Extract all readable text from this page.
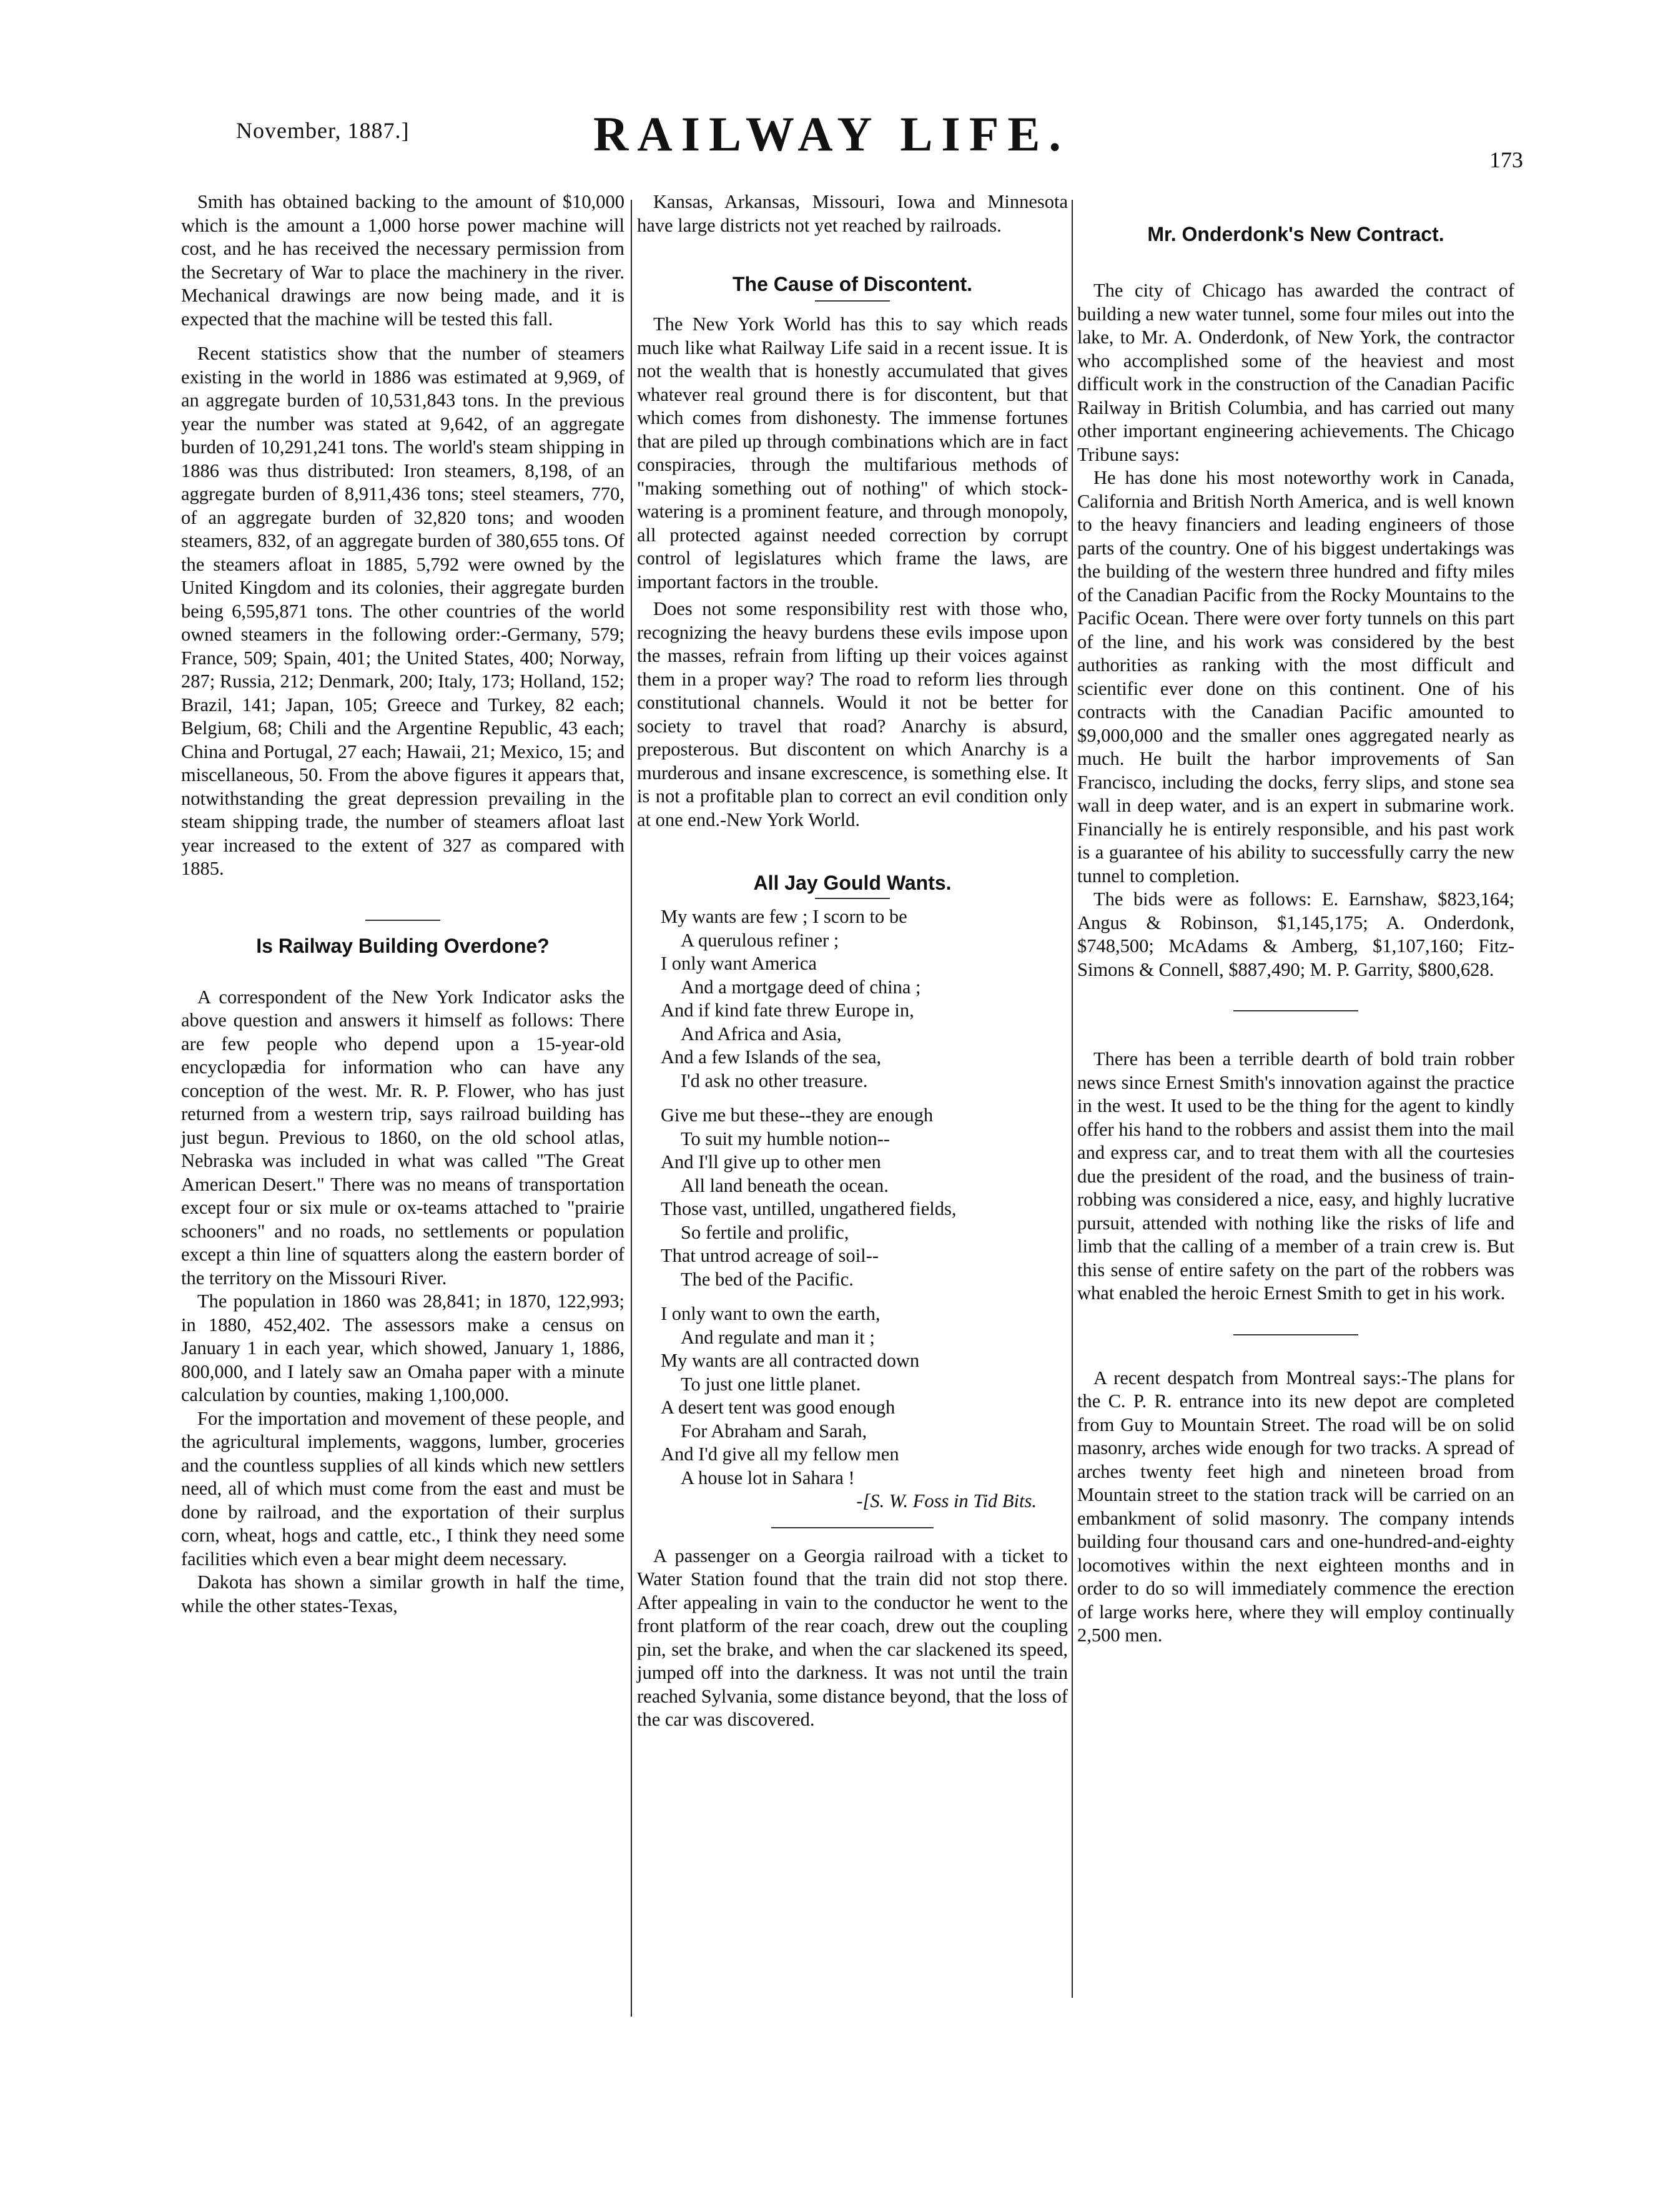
November, 1887.]	RAILWAY LIFE.	173

Smith has obtained backing to the amount of $10,000 which is the amount a 1,000 horse power machine will cost, and he has received the necessary permission from the Secretary of War to place the machinery in the river. Mechanical drawings are now being made, and it is expected that the machine will be tested this fall.

Recent statistics show that the number of steamers existing in the world in 1886 was estimated at 9,969, of an aggregate burden of 10,531,843 tons. In the previous year the number was stated at 9,642, of an aggregate burden of 10,291,241 tons. The world's steam shipping in 1886 was thus distributed: Iron steamers, 8,198, of an aggregate burden of 8,911,436 tons; steel steamers, 770, of an aggregate burden of 32,820 tons; and wooden steamers, 832, of an aggregate burden of 380,655 tons. Of the steamers afloat in 1885, 5,792 were owned by the United Kingdom and its colonies, their aggregate burden being 6,595,871 tons. The other countries of the world owned steamers in the following order:-Germany, 579; France, 509; Spain, 401; the United States, 400; Norway, 287; Russia, 212; Denmark, 200; Italy, 173; Holland, 152; Brazil, 141; Japan, 105; Greece and Turkey, 82 each; Belgium, 68; Chili and the Argentine Republic, 43 each; China and Portugal, 27 each; Hawaii, 21; Mexico, 15; and miscellaneous, 50. From the above figures it appears that, notwithstanding the great depression prevailing in the steam shipping trade, the number of steamers afloat last year increased to the extent of 327 as compared with 1885.

Is Railway Building Overdone?

A correspondent of the New York Indicator asks the above question and answers it himself as follows: There are few people who depend upon a 15-year-old encyclopædia for information who can have any conception of the west. Mr. R. P. Flower, who has just returned from a western trip, says railroad building has just begun. Previous to 1860, on the old school atlas, Nebraska was included in what was called "The Great American Desert." There was no means of transportation except four or six mule or ox-teams attached to "prairie schooners" and no roads, no settlements or population except a thin line of squatters along the eastern border of the territory on the Missouri River.

The population in 1860 was 28,841; in 1870, 122,993; in 1880, 452,402. The assessors make a census on January 1 in each year, which showed, January 1, 1886, 800,000, and I lately saw an Omaha paper with a minute calculation by counties, making 1,100,000.

For the importation and movement of these people, and the agricultural implements, waggons, lumber, groceries and the countless supplies of all kinds which new settlers need, all of which must come from the east and must be done by railroad, and the exportation of their surplus corn, wheat, hogs and cattle, etc., I think they need some facilities which even a bear might deem necessary.

Dakota has shown a similar growth in half the time, while the other states-Texas,

Kansas, Arkansas, Missouri, Iowa and Minnesota have large districts not yet reached by railroads.

The Cause of Discontent.

The New York World has this to say which reads much like what Railway Life said in a recent issue. It is not the wealth that is honestly accumulated that gives whatever real ground there is for discontent, but that which comes from dishonesty. The immense fortunes that are piled up through combinations which are in fact conspiracies, through the multifarious methods of "making something out of nothing" of which stock-watering is a prominent feature, and through monopoly, all protected against needed correction by corrupt control of legislatures which frame the laws, are important factors in the trouble.

Does not some responsibility rest with those who, recognizing the heavy burdens these evils impose upon the masses, refrain from lifting up their voices against them in a proper way? The road to reform lies through constitutional channels. Would it not be better for society to travel that road? Anarchy is absurd, preposterous. But discontent on which Anarchy is a murderous and insane excrescence, is something else. It is not a profitable plan to correct an evil condition only at one end.-New York World.

All Jay Gould Wants.
My wants are few ; I scorn to be
A querulous refiner ;
I only want America
And a mortgage deed of china ;
And if kind fate threw Europe in,
And Africa and Asia,
And a few Islands of the sea,
I'd ask no other treasure.
Give me but these--they are enough
To suit my humble notion--
And I'll give up to other men
All land beneath the ocean.
Those vast, untilled, ungathered fields,
So fertile and prolific,
That untrod acreage of soil--
The bed of the Pacific.
I only want to own the earth,
And regulate and man it ;
My wants are all contracted down
To just one little planet.
A desert tent was good enough
For Abraham and Sarah,
And I'd give all my fellow men
A house lot in Sahara !
-[S. W. Foss in Tid Bits.

A passenger on a Georgia railroad with a ticket to Water Station found that the train did not stop there. After appealing in vain to the conductor he went to the front platform of the rear coach, drew out the coupling pin, set the brake, and when the car slackened its speed, jumped off into the darkness. It was not until the train reached Sylvania, some distance beyond, that the loss of the car was discovered.

Mr. Onderdonk's New Contract.

The city of Chicago has awarded the contract of building a new water tunnel, some four miles out into the lake, to Mr. A. Onderdonk, of New York, the contractor who accomplished some of the heaviest and most difficult work in the construction of the Canadian Pacific Railway in British Columbia, and has carried out many other important engineering achievements. The Chicago Tribune says:

He has done his most noteworthy work in Canada, California and British North America, and is well known to the heavy financiers and leading engineers of those parts of the country. One of his biggest undertakings was the building of the western three hundred and fifty miles of the Canadian Pacific from the Rocky Mountains to the Pacific Ocean. There were over forty tunnels on this part of the line, and his work was considered by the best authorities as ranking with the most difficult and scientific ever done on this continent. One of his contracts with the Canadian Pacific amounted to $9,000,000 and the smaller ones aggregated nearly as much. He built the harbor improvements of San Francisco, including the docks, ferry slips, and stone sea wall in deep water, and is an expert in submarine work. Financially he is entirely responsible, and his past work is a guarantee of his ability to successfully carry the new tunnel to completion.

The bids were as follows: E. Earnshaw, $823,164; Angus & Robinson, $1,145,175; A. Onderdonk, $748,500; McAdams & Amberg, $1,107,160; Fitz-Simons & Connell, $887,490; M. P. Garrity, $800,628.

There has been a terrible dearth of bold train robber news since Ernest Smith's innovation against the practice in the west. It used to be the thing for the agent to kindly offer his hand to the robbers and assist them into the mail and express car, and to treat them with all the courtesies due the president of the road, and the business of train-robbing was considered a nice, easy, and highly lucrative pursuit, attended with nothing like the risks of life and limb that the calling of a member of a train crew is. But this sense of entire safety on the part of the robbers was what enabled the heroic Ernest Smith to get in his work.

A recent despatch from Montreal says:-The plans for the C. P. R. entrance into its new depot are completed from Guy to Mountain Street. The road will be on solid masonry, arches wide enough for two tracks. A spread of arches twenty feet high and nineteen broad from Mountain street to the station track will be carried on an embankment of solid masonry. The company intends building four thousand cars and one-hundred-and-eighty locomotives within the next eighteen months and in order to do so will immediately commence the erection of large works here, where they will employ continually 2,500 men.
